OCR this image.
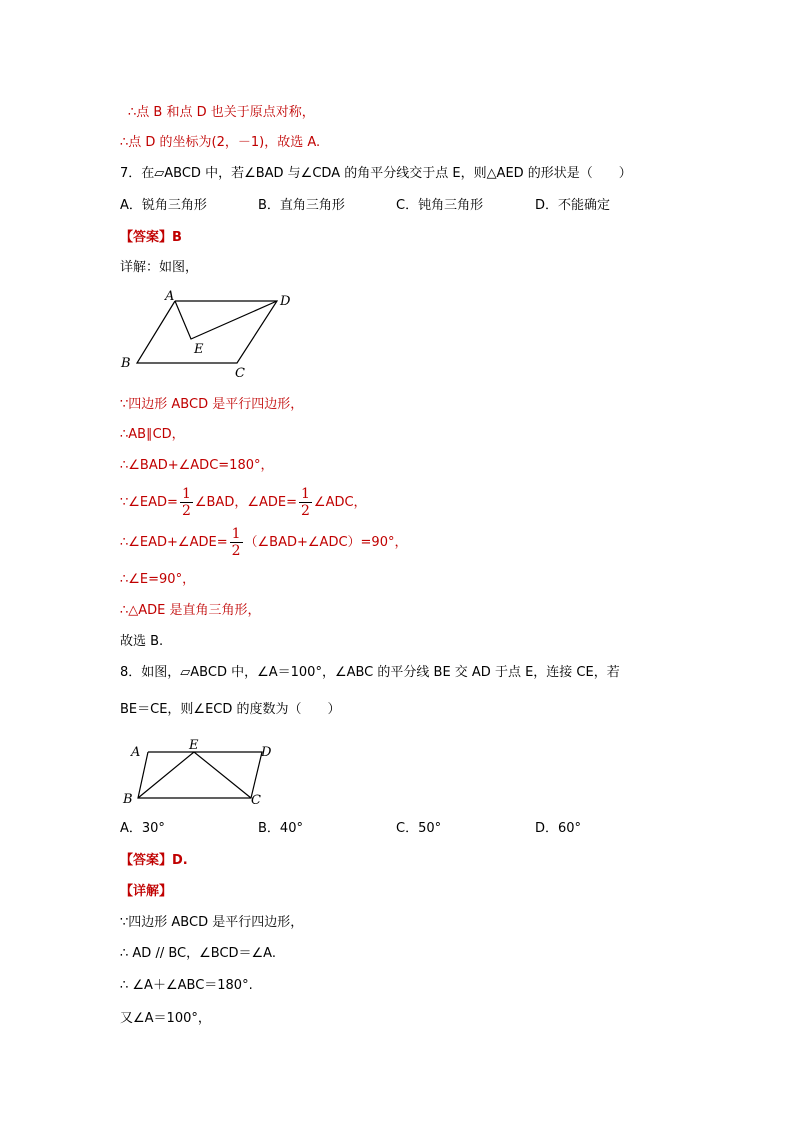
∴点 B 和点 D 也关于原点对称，
∴点 D 的坐标为(2，－1)，故选 A.
7．在▱ABCD 中，若∠BAD 与∠CDA 的角平分线交于点 E，则△AED 的形状是（　　）
A．锐角三角形	B．直角三角形	C．钝角三角形	D．不能确定
【答案】B
详解：如图，
A
B
C
D
E
∵四边形 ABCD 是平行四边形，
∴AB∥CD，
∴∠BAD+∠ADC=180°，
∵∠EAD= $\frac{1}{2}$ ∠BAD，∠ADE= $\frac{1}{2}$ ∠ADC，
∴∠EAD+∠ADE= $\frac{1}{2}$ （∠BAD+∠ADC）=90°，
∴∠E=90°，
∴△ADE 是直角三角形，
故选 B.
8．如图，▱ABCD 中，∠A＝100°，∠ABC 的平分线 BE 交 AD 于点 E，连接 CE，若
BE＝CE，则∠ECD 的度数为（　　）
A	E	D
B	C
A．30°	B．40°	C．50°	D．60°
【答案】D.
【详解】
∵四边形 ABCD 是平行四边形，
∴ AD // BC，∠BCD＝∠A.
∴ ∠A＋∠ABC＝180°.
又∠A＝100°，
